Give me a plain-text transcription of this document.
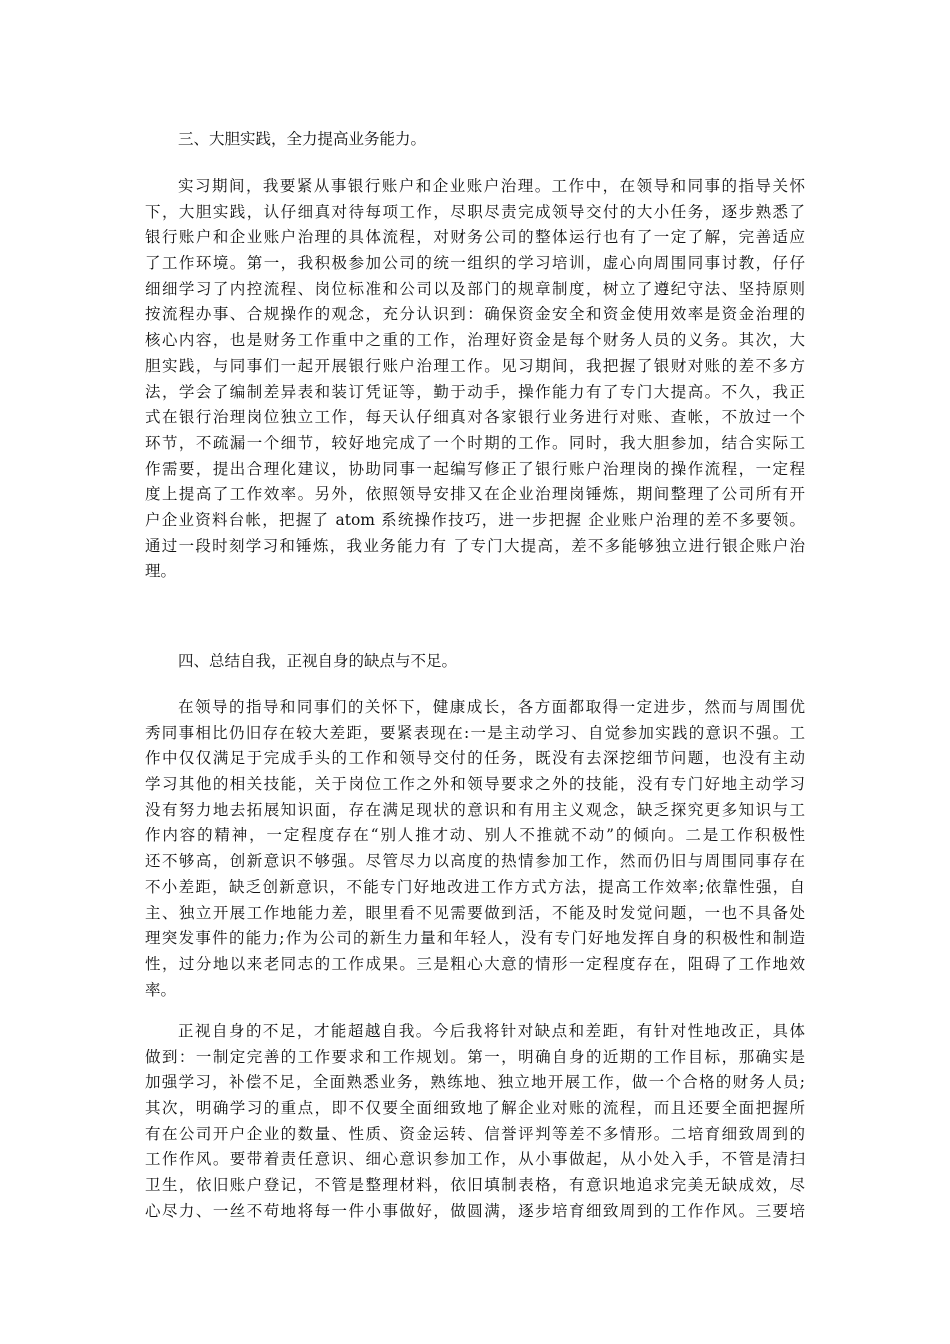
三、大胆实践，全力提高业务能力。
实习期间，我要紧从事银行账户和企业账户治理。工作中，在领导和同事的指导关怀
下，大胆实践，认仔细真对待每项工作，尽职尽责完成领导交付的大小任务，逐步熟悉了
银行账户和企业账户治理的具体流程，对财务公司的整体运行也有了一定了解，完善适应
了工作环境。第一，我积极参加公司的统一组织的学习培训，虚心向周围同事讨教，仔仔
细细学习了内控流程、岗位标准和公司以及部门的规章制度，树立了遵纪守法、坚持原则
按流程办事、合规操作的观念，充分认识到：确保资金安全和资金使用效率是资金治理的
核心内容，也是财务工作重中之重的工作，治理好资金是每个财务人员的义务。其次，大
胆实践，与同事们一起开展银行账户治理工作。见习期间，我把握了银财对账的差不多方
法，学会了编制差异表和装订凭证等，勤于动手，操作能力有了专门大提高。不久，我正
式在银行治理岗位独立工作，每天认仔细真对各家银行业务进行对账、查帐，不放过一个
环节，不疏漏一个细节，较好地完成了一个时期的工作。同时，我大胆参加，结合实际工
作需要，提出合理化建议，协助同事一起编写修正了银行账户治理岗的操作流程，一定程
度上提高了工作效率。另外，依照领导安排又在企业治理岗锤炼，期间整理了公司所有开
户企业资料台帐，把握了 atom 系统操作技巧，进一步把握 企业账户治理的差不多要领。
通过一段时刻学习和锤炼，我业务能力有 了专门大提高，差不多能够独立进行银企账户治
理。
四、总结自我，正视自身的缺点与不足。
在领导的指导和同事们的关怀下，健康成长，各方面都取得一定进步，然而与周围优
秀同事相比仍旧存在较大差距，要紧表现在:一是主动学习、自觉参加实践的意识不强。工
作中仅仅满足于完成手头的工作和领导交付的任务，既没有去深挖细节问题，也没有主动
学习其他的相关技能，关于岗位工作之外和领导要求之外的技能，没有专门好地主动学习
没有努力地去拓展知识面，存在满足现状的意识和有用主义观念，缺乏探究更多知识与工
作内容的精神，一定程度存在“别人推才动、别人不推就不动”的倾向。二是工作积极性
还不够高，创新意识不够强。尽管尽力以高度的热情参加工作，然而仍旧与周围同事存在
不小差距，缺乏创新意识，不能专门好地改进工作方式方法，提高工作效率;依靠性强，自
主、独立开展工作地能力差，眼里看不见需要做到活，不能及时发觉问题，一也不具备处
理突发事件的能力;作为公司的新生力量和年轻人，没有专门好地发挥自身的积极性和制造
性，过分地以来老同志的工作成果。三是粗心大意的情形一定程度存在，阻碍了工作地效
率。
正视自身的不足，才能超越自我。今后我将针对缺点和差距，有针对性地改正，具体
做到：一制定完善的工作要求和工作规划。第一，明确自身的近期的工作目标，那确实是
加强学习，补偿不足，全面熟悉业务，熟练地、独立地开展工作，做一个合格的财务人员;
其次，明确学习的重点，即不仅要全面细致地了解企业对账的流程，而且还要全面把握所
有在公司开户企业的数量、性质、资金运转、信誉评判等差不多情形。二培育细致周到的
工作作风。要带着责任意识、细心意识参加工作，从小事做起，从小处入手，不管是清扫
卫生，依旧账户登记，不管是整理材料，依旧填制表格，有意识地追求完美无缺成效，尽
心尽力、一丝不苟地将每一件小事做好，做圆满，逐步培育细致周到的工作作风。三要培
